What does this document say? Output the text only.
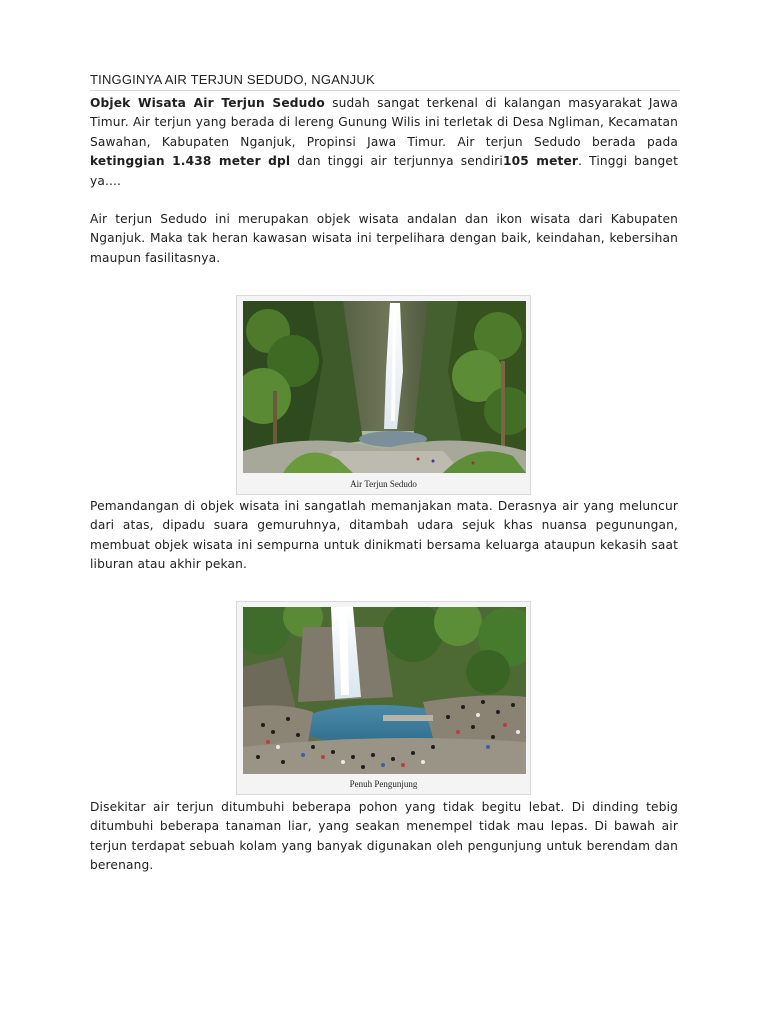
TINGGINYA AIR TERJUN SEDUDO, NGANJUK

Objek Wisata Air Terjun Sedudo sudah sangat terkenal di kalangan masyarakat Jawa Timur. Air terjun yang berada di lereng Gunung Wilis ini terletak di Desa Ngliman, Kecamatan Sawahan, Kabupaten Nganjuk, Propinsi Jawa Timur. Air terjun Sedudo berada pada ketinggian 1.438 meter dpl dan tinggi air terjunnya sendiri105 meter. Tinggi banget ya....

Air terjun Sedudo ini merupakan objek wisata andalan dan ikon wisata dari Kabupaten Nganjuk. Maka tak heran kawasan wisata ini terpelihara dengan baik, keindahan, kebersihan maupun fasilitasnya.

Air Terjun Sedudo

Pemandangan di objek wisata ini sangatlah memanjakan mata. Derasnya air yang meluncur dari atas, dipadu suara gemuruhnya, ditambah udara sejuk khas nuansa pegunungan, membuat objek wisata ini sempurna untuk dinikmati bersama keluarga ataupun kekasih saat liburan atau akhir pekan.

Penuh Pengunjung

Disekitar air terjun ditumbuhi beberapa pohon yang tidak begitu lebat. Di dinding tebig ditumbuhi beberapa tanaman liar, yang seakan menempel tidak mau lepas. Di bawah air terjun terdapat sebuah kolam yang banyak digunakan oleh pengunjung untuk berendam dan berenang.
